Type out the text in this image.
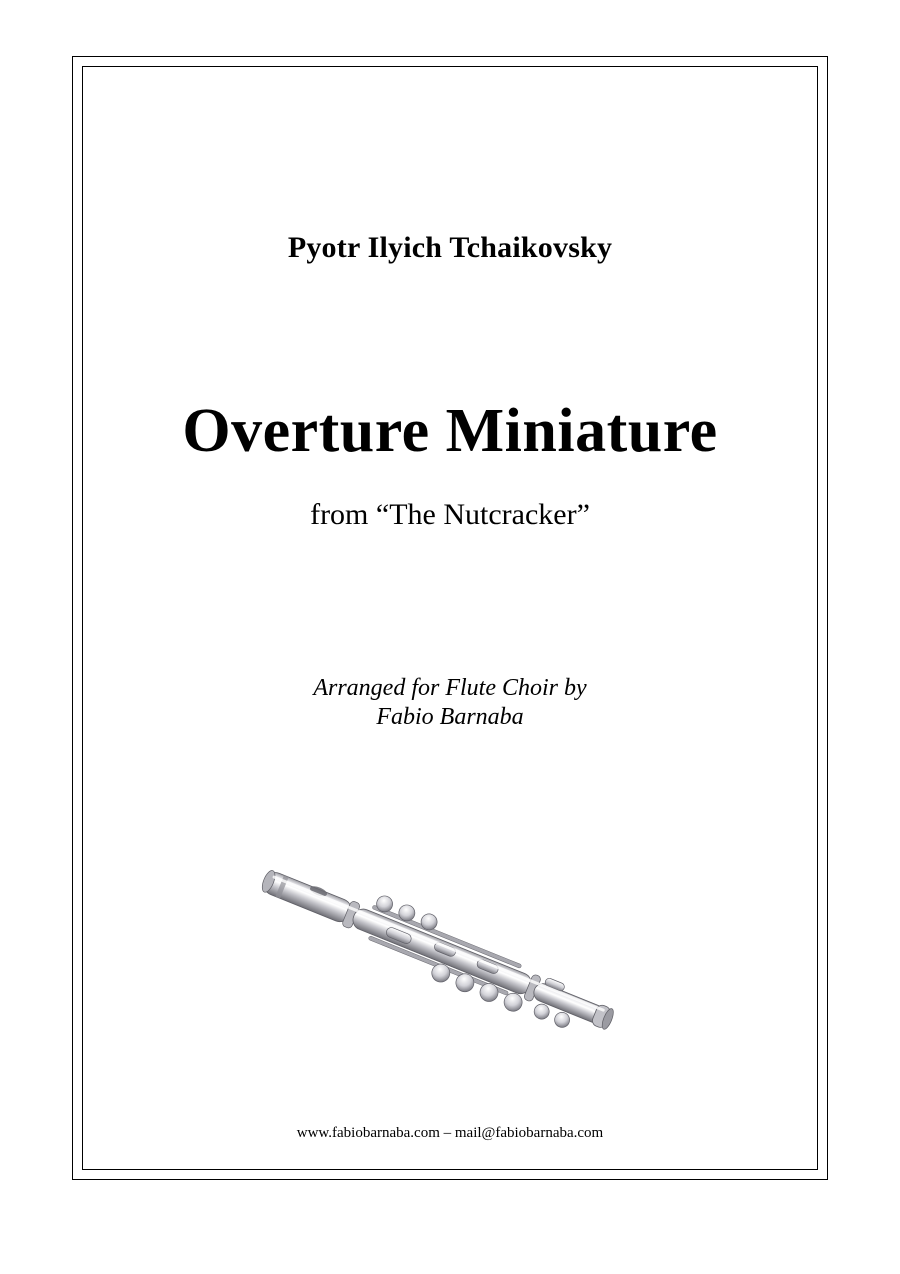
Pyotr Ilyich Tchaikovsky
Overture Miniature
from “The Nutcracker”
Arranged for Flute Choir by
Fabio Barnaba
www.fabiobarnaba.com – mail@fabiobarnaba.com
